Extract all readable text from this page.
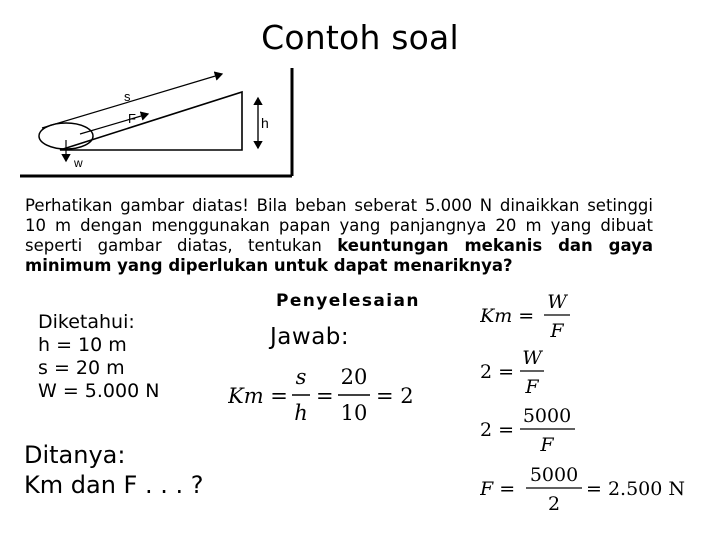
Contoh soal
s
F	h
w
Perhatikan gambar diatas! Bila beban seberat 5.000 N dinaikkan setinggi 10 m dengan menggunakan papan yang panjangnya 20 m yang dibuat seperti gambar diatas, tentukan keuntungan mekanis dan gaya minimum yang diperlukan untuk dapat menariknya?
Diketahui:
h = 10 m
s = 20 m
W = 5.000 N
Ditanya:
Km dan F . . . ?
Penyelesaian
Jawab:
Km =
s
h
=
20
10
= 2
Km =
W
F
2 =
W
F
2 =
5000
F
F =
5000
2
= 2.500 N
